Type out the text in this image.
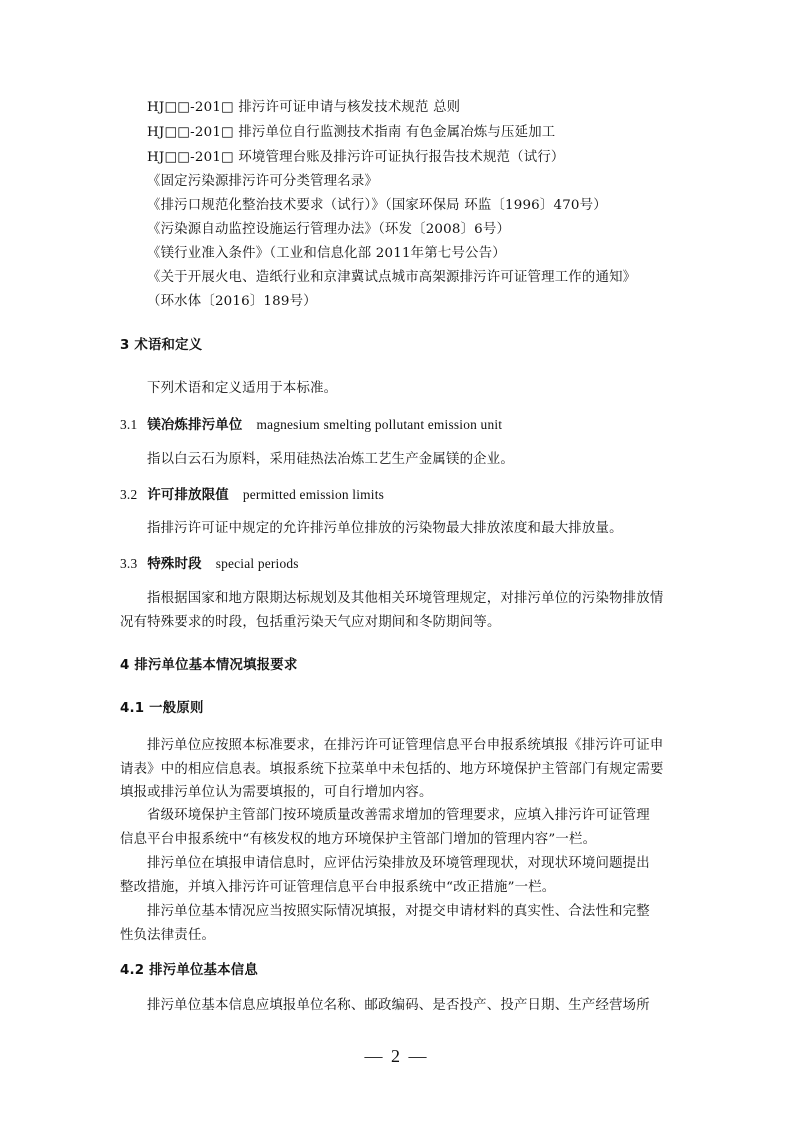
HJ□□-201□ 排污许可证申请与核发技术规范 总则
HJ□□-201□ 排污单位自行监测技术指南 有色金属冶炼与压延加工
HJ□□-201□ 环境管理台账及排污许可证执行报告技术规范（试行）
《固定污染源排污许可分类管理名录》
《排污口规范化整治技术要求（试行）》（国家环保局 环监〔1996〕470号）
《污染源自动监控设施运行管理办法》（环发〔2008〕6号）
《镁行业准入条件》（工业和信息化部 2011年第七号公告）
《关于开展火电、造纸行业和京津冀试点城市高架源排污许可证管理工作的通知》
（环水体〔2016〕189号）
3 术语和定义
下列术语和定义适用于本标准。
3.1 镁冶炼排污单位 magnesium smelting pollutant emission unit
指以白云石为原料，采用硅热法冶炼工艺生产金属镁的企业。
3.2 许可排放限值 permitted emission limits
指排污许可证中规定的允许排污单位排放的污染物最大排放浓度和最大排放量。
3.3 特殊时段 special periods
指根据国家和地方限期达标规划及其他相关环境管理规定，对排污单位的污染物排放情
况有特殊要求的时段，包括重污染天气应对期间和冬防期间等。
4 排污单位基本情况填报要求
4.1 一般原则
排污单位应按照本标准要求，在排污许可证管理信息平台申报系统填报《排污许可证申
请表》中的相应信息表。填报系统下拉菜单中未包括的、地方环境保护主管部门有规定需要
填报或排污单位认为需要填报的，可自行增加内容。
省级环境保护主管部门按环境质量改善需求增加的管理要求，应填入排污许可证管理
信息平台申报系统中“有核发权的地方环境保护主管部门增加的管理内容”一栏。
排污单位在填报申请信息时，应评估污染排放及环境管理现状，对现状环境问题提出
整改措施，并填入排污许可证管理信息平台申报系统中“改正措施”一栏。
排污单位基本情况应当按照实际情况填报，对提交申请材料的真实性、合法性和完整
性负法律责任。
4.2 排污单位基本信息
排污单位基本信息应填报单位名称、邮政编码、是否投产、投产日期、生产经营场所
— 2 —
